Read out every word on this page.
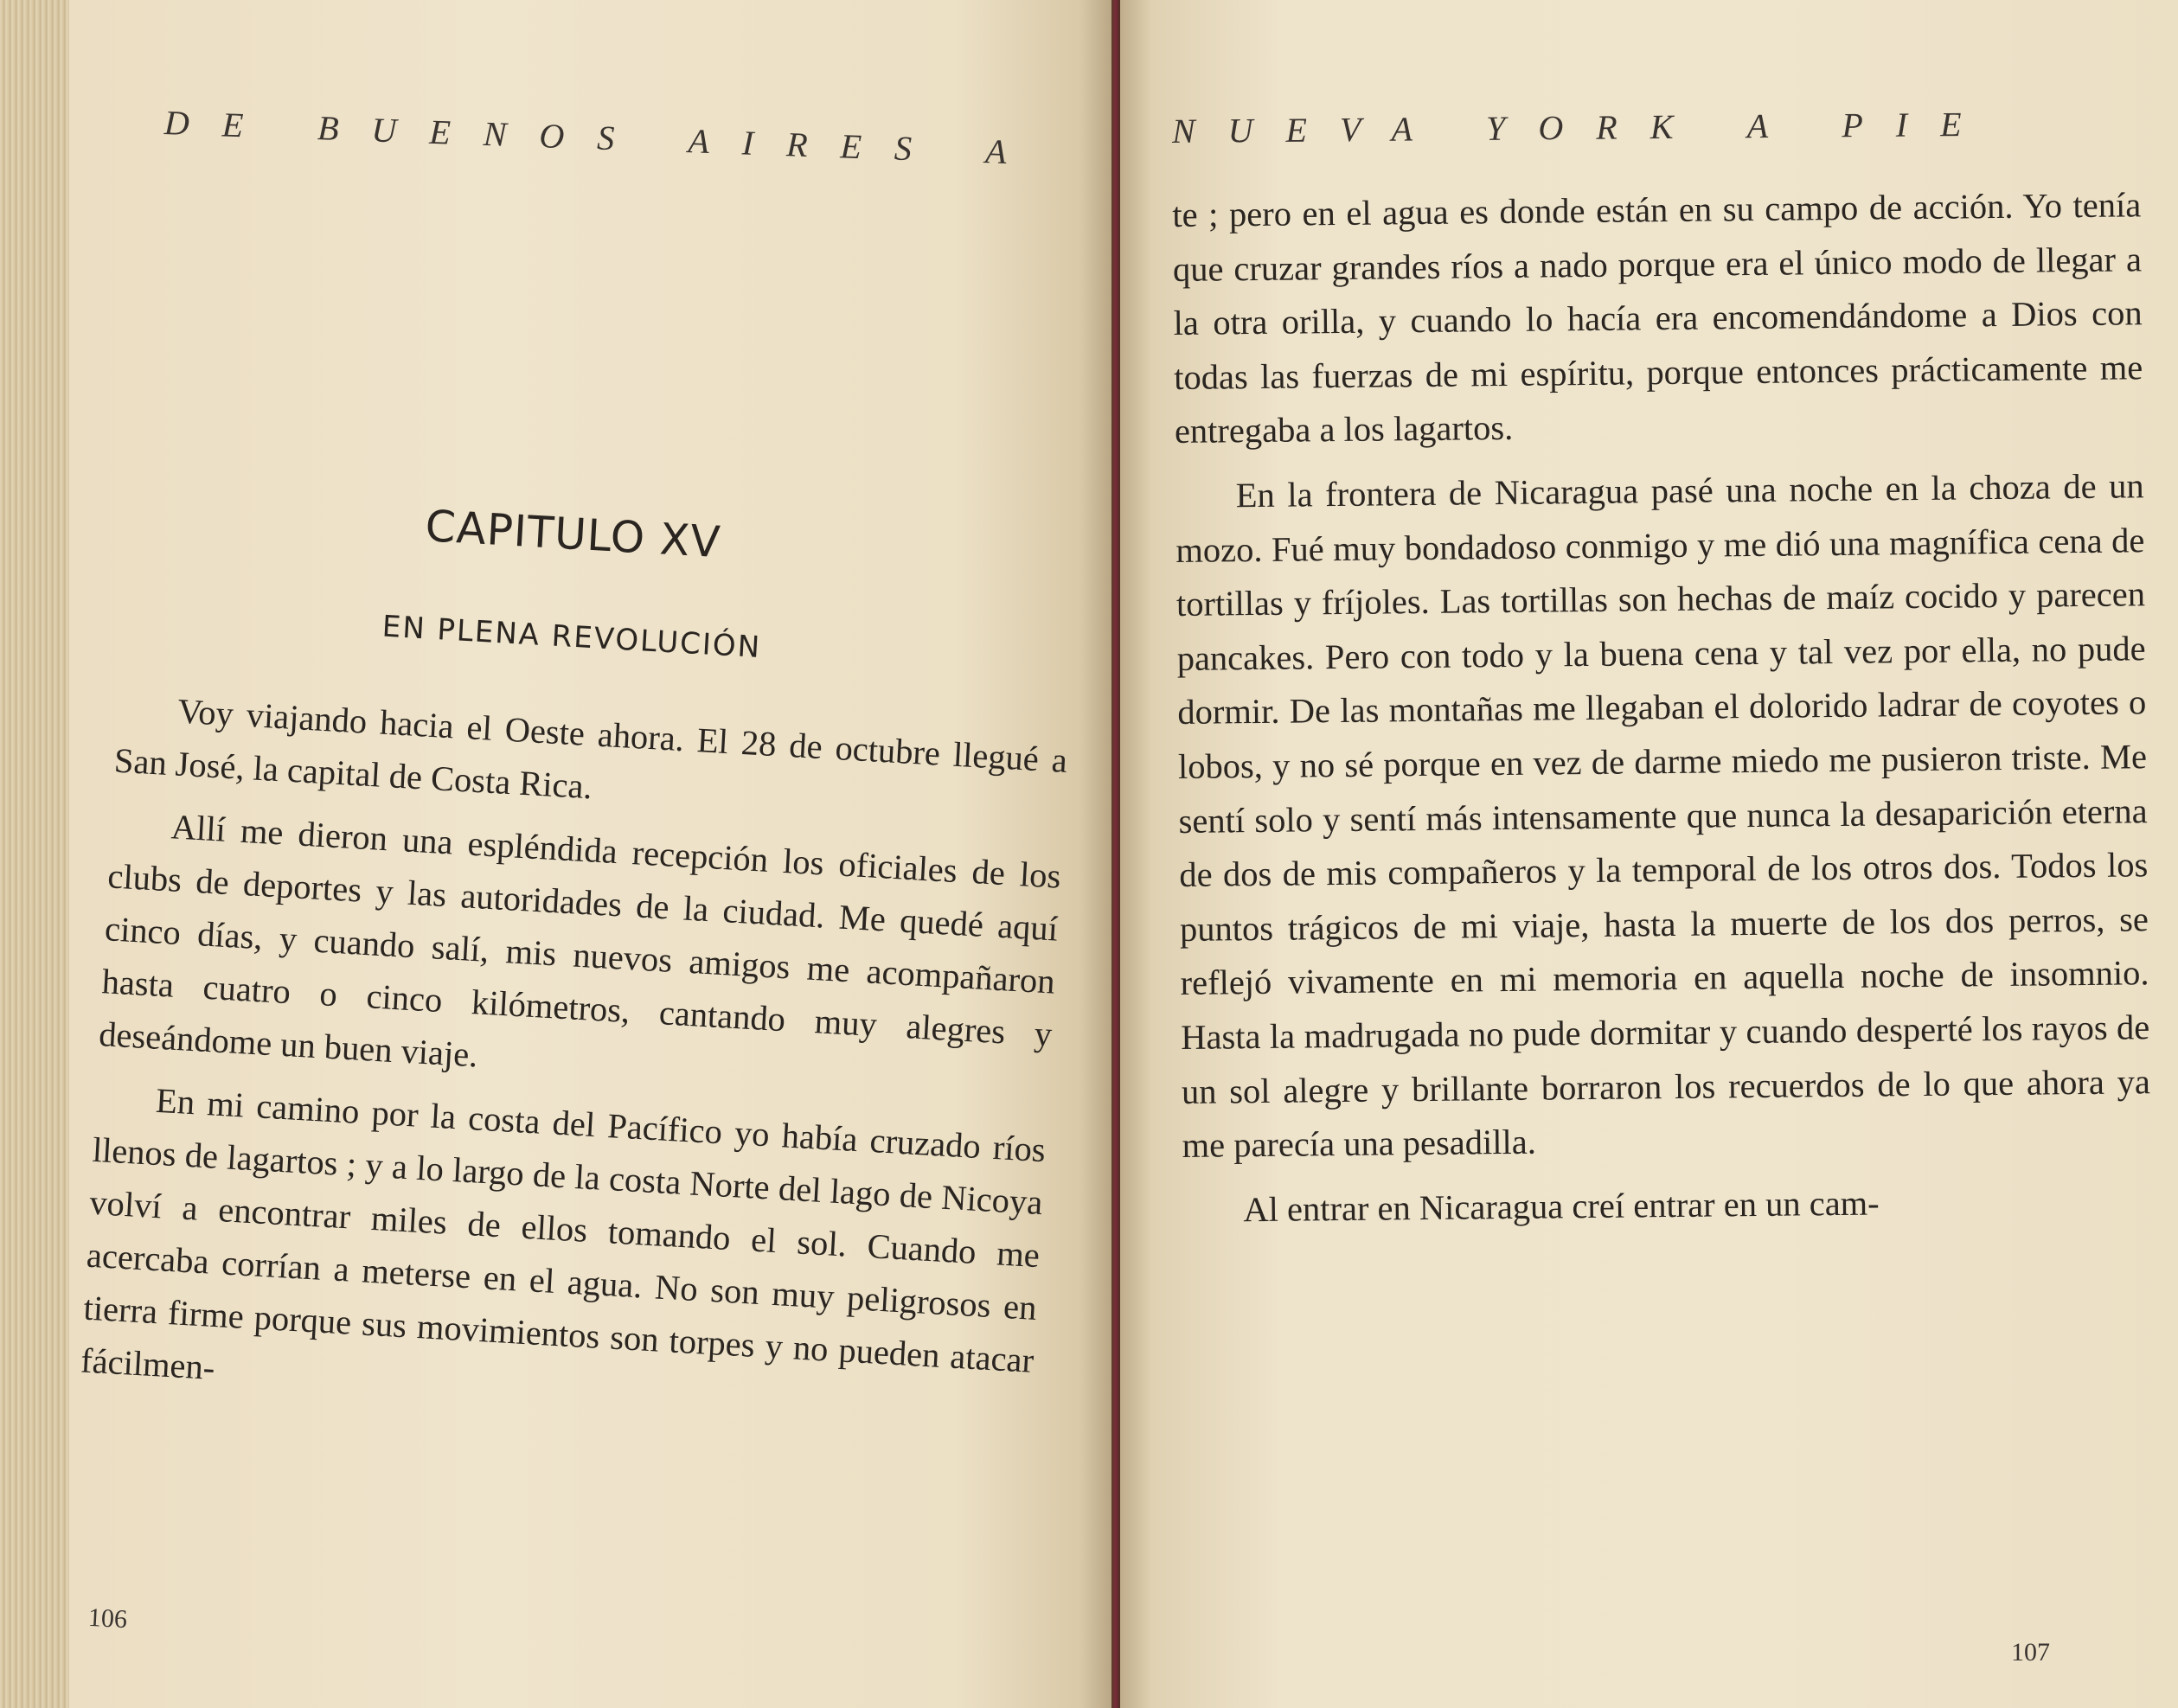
DE BUENOS AIRES A
CAPITULO XV
EN PLENA REVOLUCIÓN

Voy viajando hacia el Oeste ahora. El 28 de octubre llegué a San José, la capital de Costa Rica.

Allí me dieron una espléndida recepción los oficiales de los clubs de deportes y las autoridades de la ciudad. Me quedé aquí cinco días, y cuando salí, mis nuevos amigos me acompañaron hasta cuatro o cinco kilómetros, cantando muy alegres y deseándome un buen viaje.

En mi camino por la costa del Pacífico yo había cruzado ríos llenos de lagartos ; y a lo largo de la costa Norte del lago de Nicoya volví a encontrar miles de ellos tomando el sol. Cuando me acercaba corrían a meterse en el agua. No son muy peligrosos en tierra firme porque sus movimientos son torpes y no pueden atacar fácilmen-

106
NUEVA YORK A PIE

te ; pero en el agua es donde están en su campo de acción. Yo tenía que cruzar grandes ríos a nado porque era el único modo de llegar a la otra orilla, y cuando lo hacía era encomendándome a Dios con todas las fuerzas de mi espíritu, porque entonces prácticamente me entregaba a los lagartos.

En la frontera de Nicaragua pasé una noche en la choza de un mozo. Fué muy bondadoso conmigo y me dió una magnífica cena de tortillas y fríjoles. Las tortillas son hechas de maíz cocido y parecen pancakes. Pero con todo y la buena cena y tal vez por ella, no pude dormir. De las montañas me llegaban el dolorido ladrar de coyotes o lobos, y no sé porque en vez de darme miedo me pusieron triste. Me sentí solo y sentí más intensamente que nunca la desaparición eterna de dos de mis compañeros y la temporal de los otros dos. Todos los puntos trágicos de mi viaje, hasta la muerte de los dos perros, se reflejó vivamente en mi memoria en aquella noche de insomnio. Hasta la madrugada no pude dormitar y cuando desperté los rayos de un sol alegre y brillante borraron los recuerdos de lo que ahora ya me parecía una pesadilla.

Al entrar en Nicaragua creí entrar en un cam-

107
